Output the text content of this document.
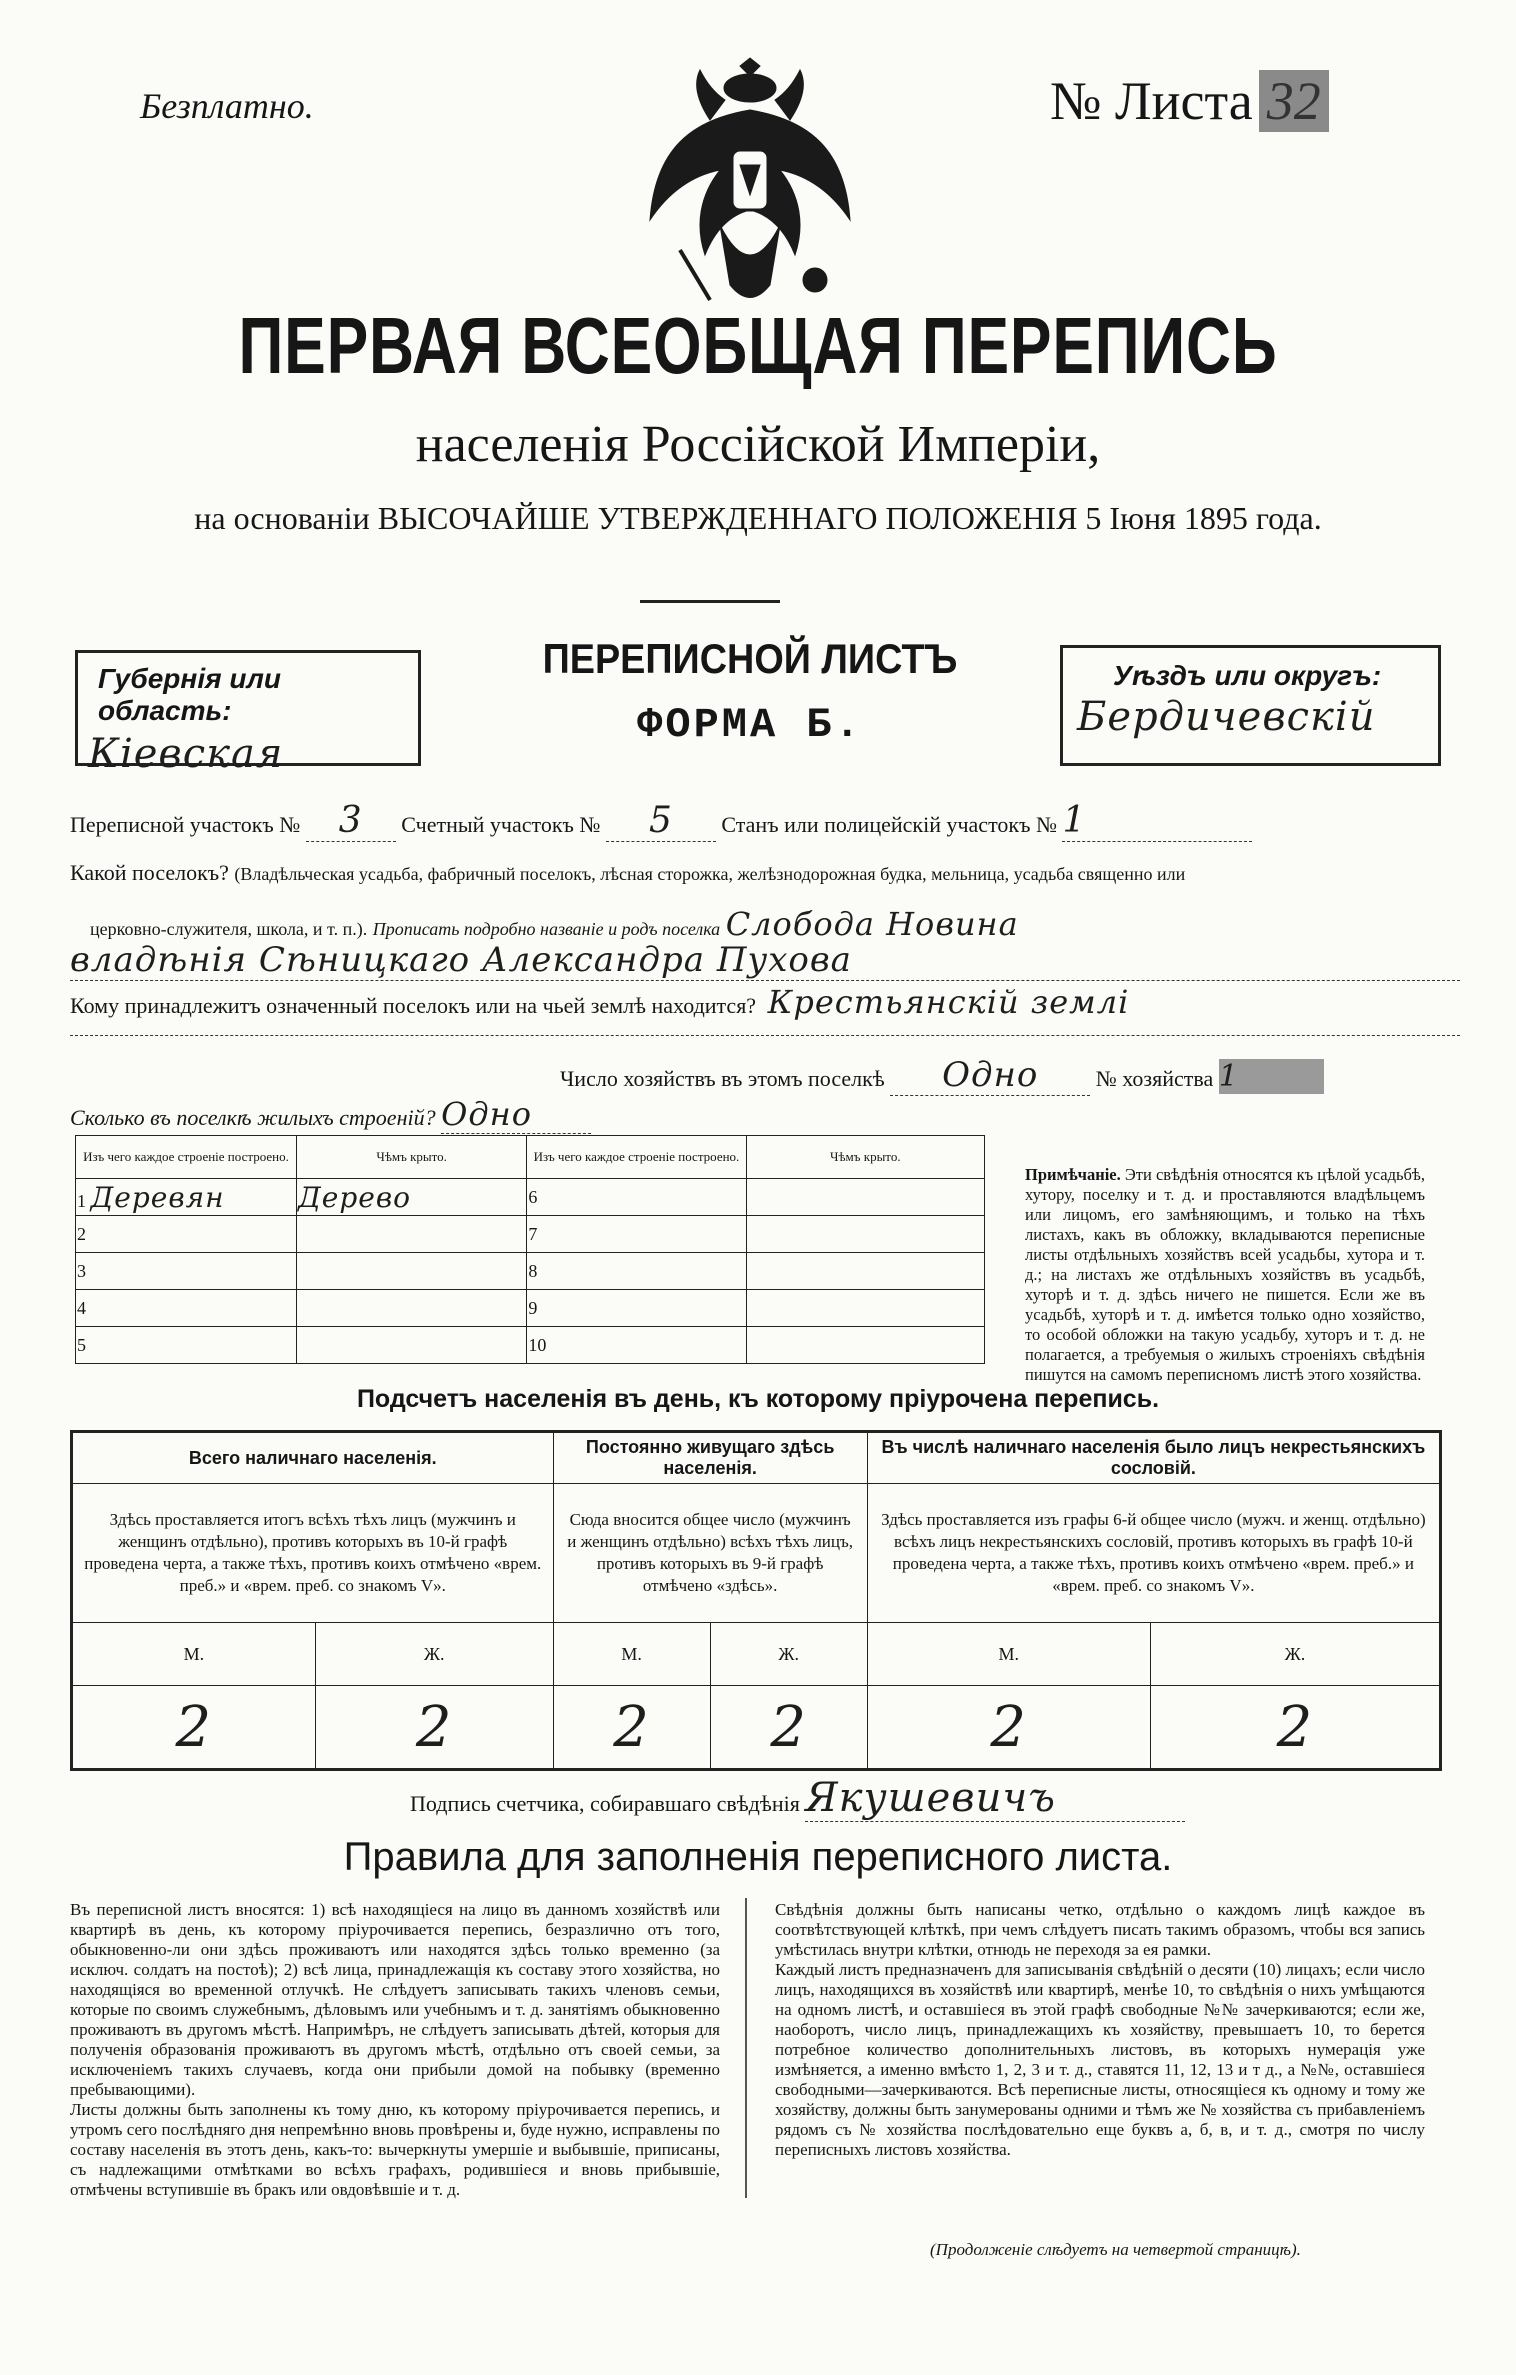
Безплатно.	№ Листа 32
ПЕРВАЯ ВСЕОБЩАЯ ПЕРЕПИСЬ
населенія Россійской Имперіи,
на основаніи ВЫСОЧАЙШЕ УТВЕРЖДЕННАГО ПОЛОЖЕНІЯ 5 Іюня 1895 года.
Губернія или область:
Кіевская
ПЕРЕПИСНОЙ ЛИСТЪ
ФОРМА Б.
Уѣздъ или округъ:
Бердичевскій
Переписной участокъ № 3 Счетный участокъ № 5 Станъ или полицейскій участокъ № 1
Какой поселокъ? (Владѣльческая усадьба, фабричный поселокъ, лѣсная сторожка, желѣзнодорожная будка, мельница, усадьба священно или
церковно-служителя, школа, и т. п.). Прописать подробно названіе и родъ поселка Слобода Новина
владѣнія Сѣницкаго Александра Пухова
Кому принадлежитъ означенный поселокъ или на чьей землѣ находится? Крестьянскій землі
Число хозяйствъ въ этомъ поселкѣ Одно	№ хозяйства 1
Сколько въ поселкѣ жилыхъ строеній? Одно
Изъ чего каждое строеніе построено.	Чѣмъ крыто.	Изъ чего каждое строеніе построено.	Чѣмъ крыто.
1 Деревян	Дерево	6	
2		7	
3		8	
4		9	
5		10	
Примѣчаніе. Эти свѣдѣнія относятся къ цѣлой усадьбѣ, хутору, поселку и т. д. и проставляются владѣльцемъ или лицомъ, его замѣняющимъ, и только на тѣхъ листахъ, какъ въ обложку, вкладываются переписные листы отдѣльныхъ хозяйствъ всей усадьбы, хутора и т. д.; на листахъ же отдѣльныхъ хозяйствъ въ усадьбѣ, хуторѣ и т. д. здѣсь ничего не пишется. Если же въ усадьбѣ, хуторѣ и т. д. имѣется только одно хозяйство, то особой обложки на такую усадьбу, хуторъ и т. д. не полагается, а требуемыя о жилыхъ строеніяхъ свѣдѣнія пишутся на самомъ переписномъ листѣ этого хозяйства.
Подсчетъ населенія въ день, къ которому пріурочена перепись.
Всего наличнаго населенія.		Постоянно живущаго здѣсь населенія.		Въ числѣ наличнаго населенія было лицъ некрестьянскихъ сословій.	
Здѣсь проставляется итогъ всѣхъ тѣхъ лицъ (мужчинъ и женщинъ отдѣльно), противъ которыхъ въ 10-й графѣ проведена черта, а также тѣхъ, противъ коихъ отмѣчено «врем. преб.» и «врем. преб. со знакомъ V».		Сюда вносится общее число (мужчинъ и женщинъ отдѣльно) всѣхъ тѣхъ лицъ, противъ которыхъ въ 9-й графѣ отмѣчено «здѣсь».		Здѣсь проставляется изъ графы 6-й общее число (мужч. и женщ. отдѣльно) всѣхъ лицъ некрестьянскихъ сословій, противъ которыхъ въ графѣ 10-й проведена черта, а также тѣхъ, противъ коихъ отмѣчено «врем. преб.» и «врем. преб. со знакомъ V».	
М.	Ж.	М.	Ж.	М.	Ж.
2	2	2	2	2	2
Подпись счетчика, собиравшаго свѣдѣнія Якушевичъ
Правила для заполненія переписного листа.
Въ переписной листъ вносятся: 1) всѣ находящіеся на лицо въ данномъ хозяйствѣ или квартирѣ въ день, къ которому пріурочивается перепись, безразлично отъ того, обыкновенно-ли они здѣсь проживаютъ или находятся здѣсь только временно (за исключ. солдатъ на постоѣ); 2) всѣ лица, принадлежащія къ составу этого хозяйства, но находящіяся во временной отлучкѣ. Не слѣдуетъ записывать такихъ членовъ семьи, которые по своимъ служебнымъ, дѣловымъ или учебнымъ и т. д. занятіямъ обыкновенно проживаютъ въ другомъ мѣстѣ. Напримѣръ, не слѣдуетъ записывать дѣтей, которыя для полученія образованія проживаютъ въ другомъ мѣстѣ, отдѣльно отъ своей семьи, за исключеніемъ такихъ случаевъ, когда они прибыли домой на побывку (временно пребывающими).
Листы должны быть заполнены къ тому дню, къ которому пріурочивается перепись, и утромъ сего послѣдняго дня непремѣнно вновь провѣрены и, буде нужно, исправлены по составу населенія въ этотъ день, какъ-то: вычеркнуты умершіе и выбывшіе, приписаны, съ надлежащими отмѣтками во всѣхъ графахъ, родившіеся и вновь прибывшіе, отмѣчены вступившіе въ бракъ или овдовѣвшіе и т. д.
Свѣдѣнія должны быть написаны четко, отдѣльно о каждомъ лицѣ каждое въ соотвѣтствующей клѣткѣ, при чемъ слѣдуетъ писать такимъ образомъ, чтобы вся запись умѣстилась внутри клѣтки, отнюдь не переходя за ея рамки.
Каждый листъ предназначенъ для записыванія свѣдѣній о десяти (10) лицахъ; если число лицъ, находящихся въ хозяйствѣ или квартирѣ, менѣе 10, то свѣдѣнія о нихъ умѣщаются на одномъ листѣ, и оставшіеся въ этой графѣ свободные №№ зачеркиваются; если же, наоборотъ, число лицъ, принадлежащихъ къ хозяйству, превышаетъ 10, то берется потребное количество дополнительныхъ листовъ, въ которыхъ нумерація уже измѣняется, а именно вмѣсто 1, 2, 3 и т. д., ставятся 11, 12, 13 и т д., а №№, оставшіеся свободными—зачеркиваются. Всѣ переписные листы, относящіеся къ одному и тому же хозяйству, должны быть занумерованы одними и тѣмъ же № хозяйства съ прибавленіемъ рядомъ съ № хозяйства послѣдовательно еще буквъ а, б, в, и т. д., смотря по числу переписныхъ листовъ хозяйства.
(Продолженіе слѣдуетъ на четвертой страницѣ).
